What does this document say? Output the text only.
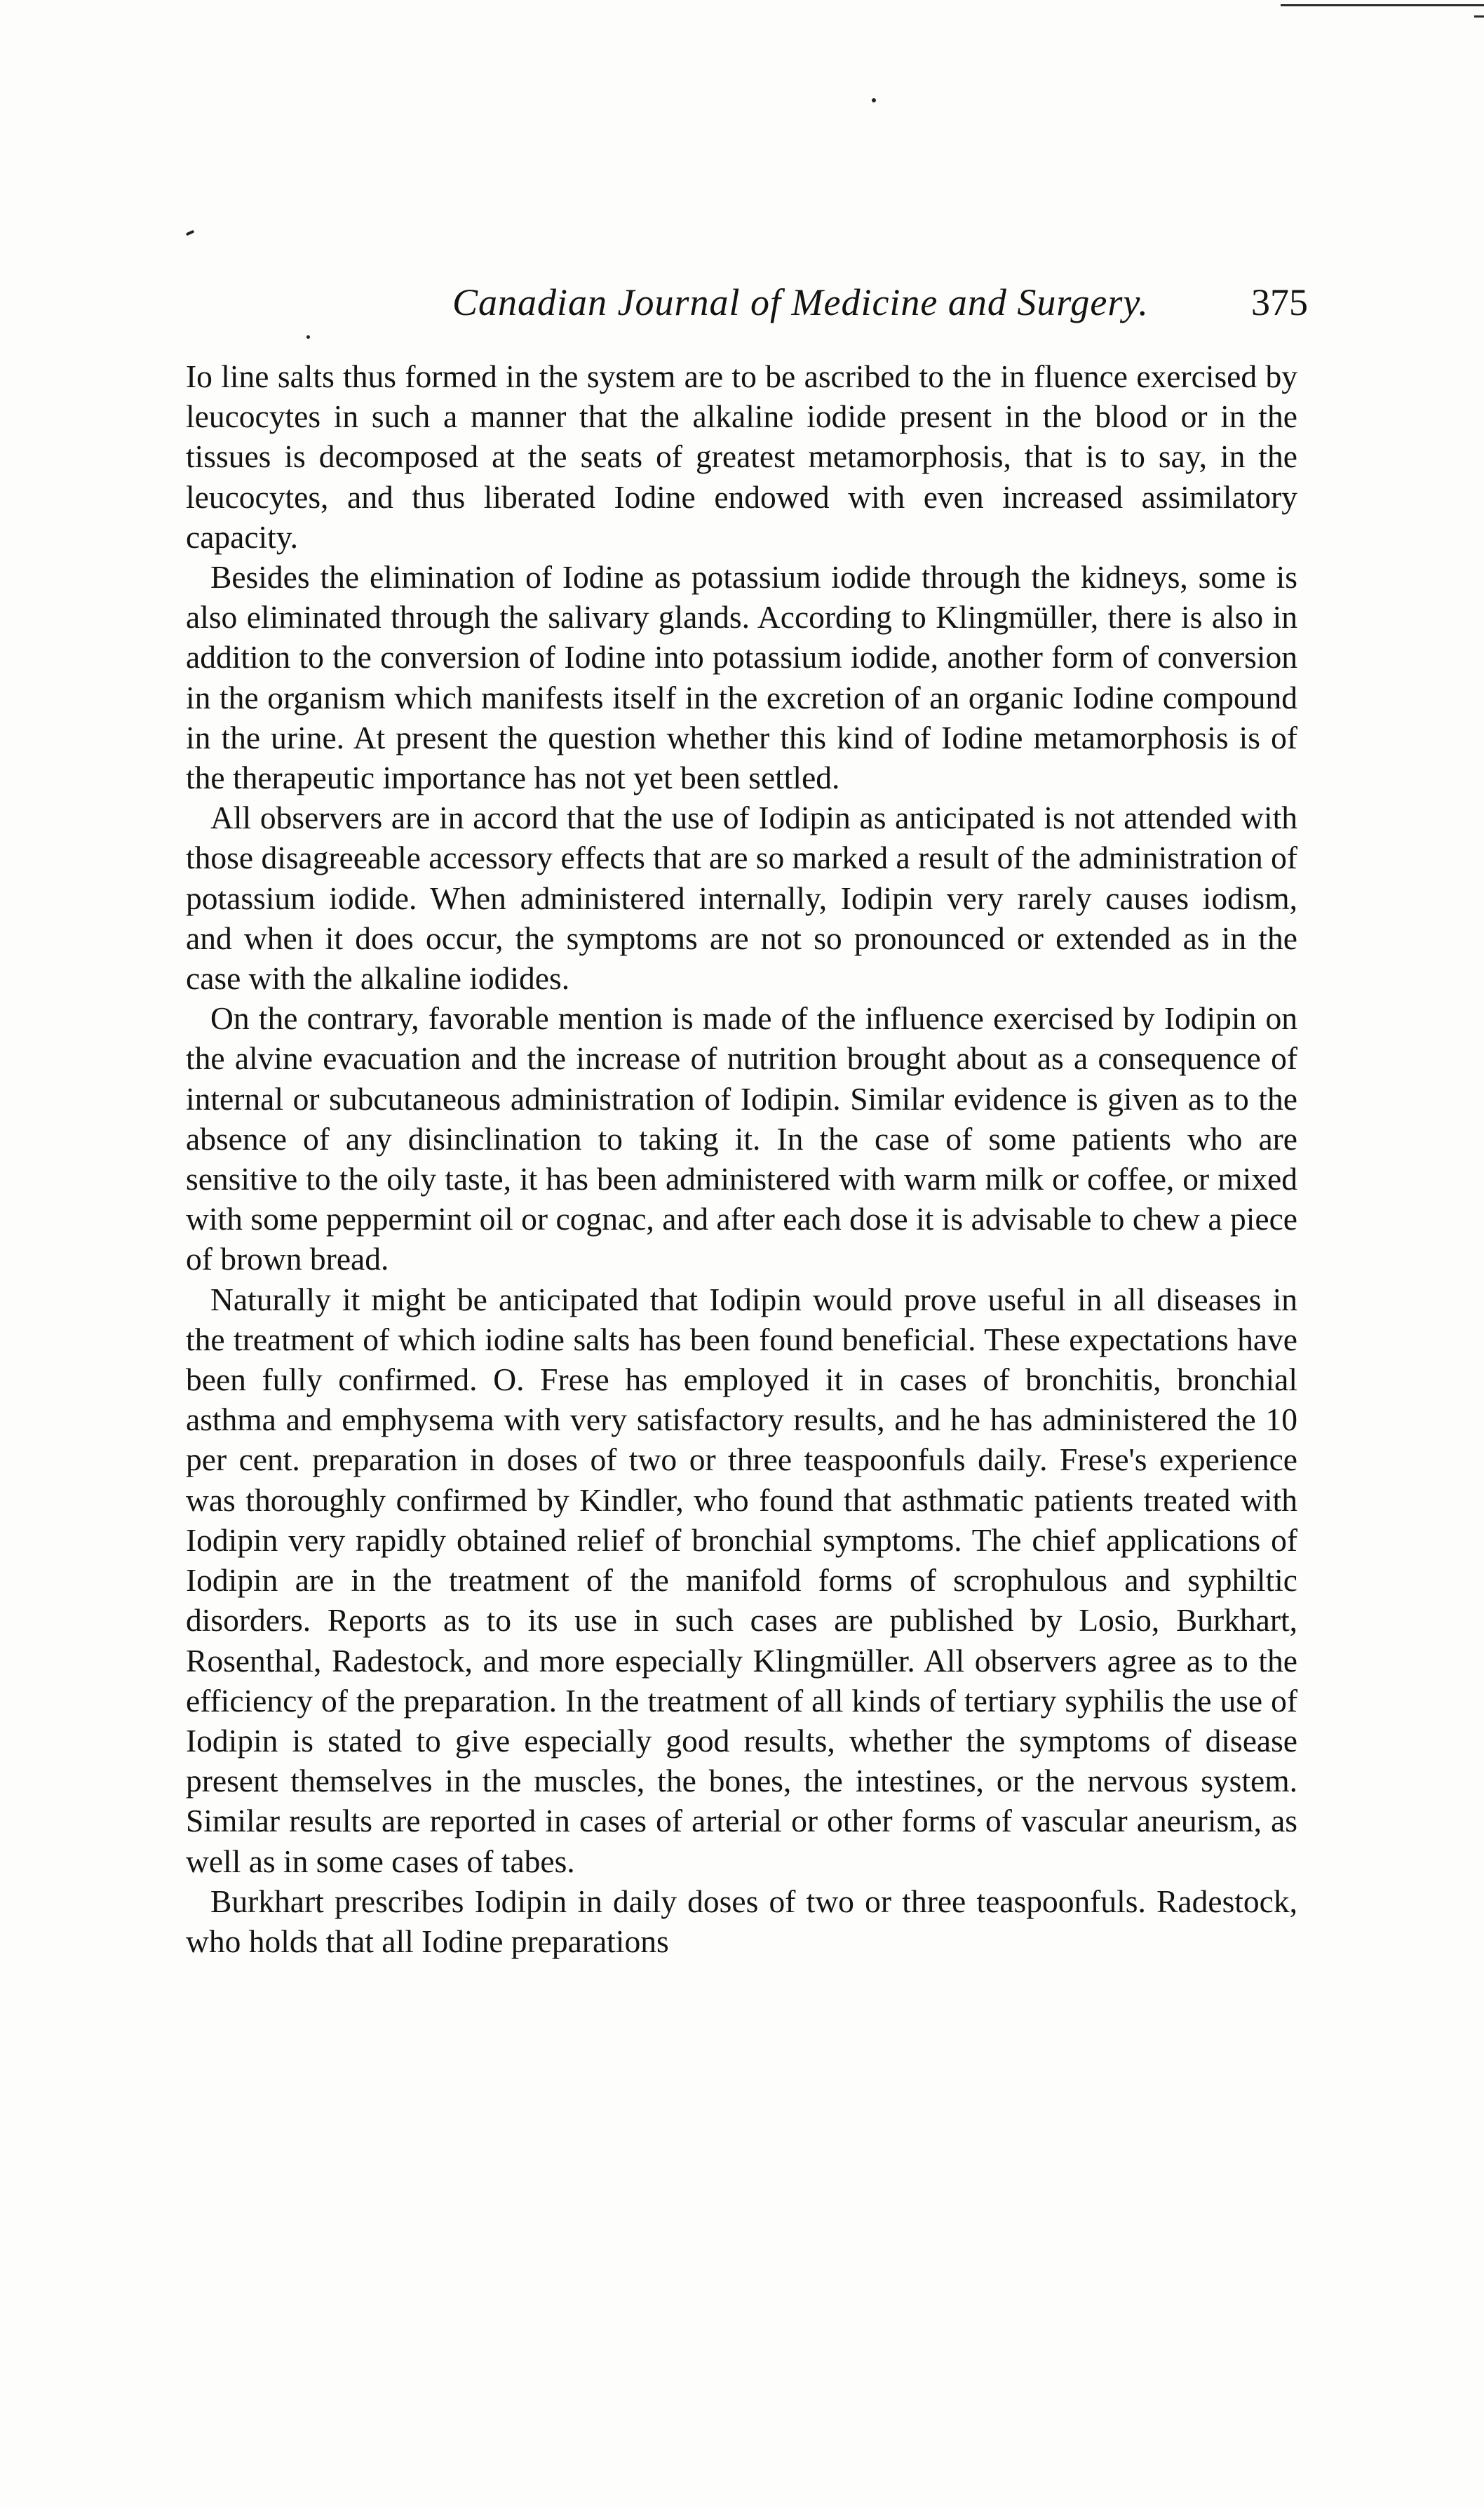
Canadian Journal of Medicine and Surgery.	375

Io line salts thus formed in the system are to be ascribed to the in fluence exercised by leucocytes in such a manner that the alkaline iodide present in the blood or in the tissues is decomposed at the seats of greatest metamorphosis, that is to say, in the leucocytes, and thus liberated Iodine endowed with even increased assimilatory capacity.

Besides the elimination of Iodine as potassium iodide through the kidneys, some is also eliminated through the salivary glands. According to Klingmüller, there is also in addition to the conversion of Iodine into potassium iodide, another form of conversion in the organism which manifests itself in the excretion of an organic Iodine compound in the urine. At present the question whether this kind of Iodine metamorphosis is of the therapeutic importance has not yet been settled.

All observers are in accord that the use of Iodipin as anticipated is not attended with those disagreeable accessory effects that are so marked a result of the administration of potassium iodide. When administered internally, Iodipin very rarely causes iodism, and when it does occur, the symptoms are not so pronounced or extended as in the case with the alkaline iodides.

On the contrary, favorable mention is made of the influence exercised by Iodipin on the alvine evacuation and the increase of nutrition brought about as a consequence of internal or subcutaneous administration of Iodipin. Similar evidence is given as to the absence of any disinclination to taking it. In the case of some patients who are sensitive to the oily taste, it has been administered with warm milk or coffee, or mixed with some peppermint oil or cognac, and after each dose it is advisable to chew a piece of brown bread.

Naturally it might be anticipated that Iodipin would prove useful in all diseases in the treatment of which iodine salts has been found beneficial. These expectations have been fully confirmed. O. Frese has employed it in cases of bronchitis, bronchial asthma and emphysema with very satisfactory results, and he has administered the 10 per cent. preparation in doses of two or three teaspoonfuls daily. Frese's experience was thoroughly confirmed by Kindler, who found that asthmatic patients treated with Iodipin very rapidly obtained relief of bronchial symptoms. The chief applications of Iodipin are in the treatment of the manifold forms of scrophulous and syphiltic disorders. Reports as to its use in such cases are published by Losio, Burkhart, Rosenthal, Radestock, and more especially Klingmüller. All observers agree as to the efficiency of the preparation. In the treatment of all kinds of tertiary syphilis the use of Iodipin is stated to give especially good results, whether the symptoms of disease present themselves in the muscles, the bones, the intestines, or the nervous system. Similar results are reported in cases of arterial or other forms of vascular aneurism, as well as in some cases of tabes.

Burkhart prescribes Iodipin in daily doses of two or three teaspoonfuls. Radestock, who holds that all Iodine preparations
